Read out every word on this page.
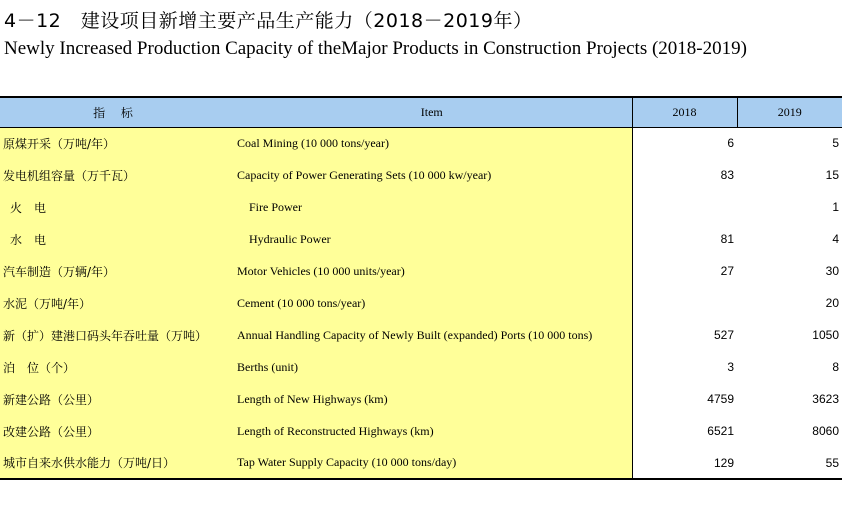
4－12　建设项目新增主要产品生产能力（2018－2019年）
Newly Increased Production Capacity of theMajor Products in Construction Projects (2018-2019)
指 标	Item	2018	2019
原煤开采（万吨/年）	Coal Mining (10 000 tons/year)	6	5
发电机组容量（万千瓦）	Capacity of Power Generating Sets (10 000 kw/year)	83	15
火　电	Fire Power		1
水　电	Hydraulic Power	81	4
汽车制造（万辆/年）	Motor Vehicles (10 000 units/year)	27	30
水泥（万吨/年）	Cement (10 000 tons/year)		20
新（扩）建港口码头年吞吐量（万吨）	Annual Handling Capacity of Newly Built (expanded) Ports (10 000 tons)	527	1050
泊　位（个）	Berths (unit)	3	8
新建公路（公里）	Length of New Highways (km)	4759	3623
改建公路（公里）	Length of Reconstructed Highways (km)	6521	8060
城市自来水供水能力（万吨/日）	Tap Water Supply Capacity (10 000 tons/day)	129	55
